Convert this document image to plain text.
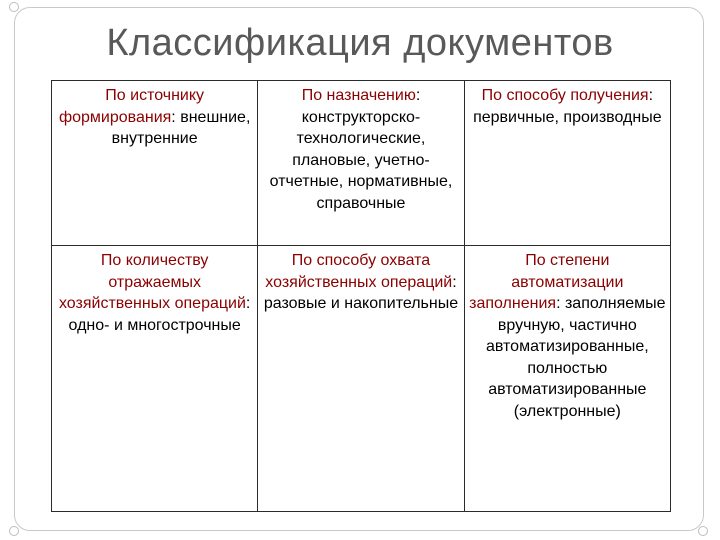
Классификация документов
По источнику формирования: внешние, внутренние	По назначению: конструкторско-технологические, плановые, учетно-отчетные, нормативные, справочные	По способу получения: первичные, производные
По количеству отражаемых хозяйственных операций: одно- и многострочные	По способу охвата хозяйственных операций: разовые и накопительные	По степени автоматизации заполнения: заполняемые вручную, частично автоматизированные, полностью автоматизированные (электронные)
